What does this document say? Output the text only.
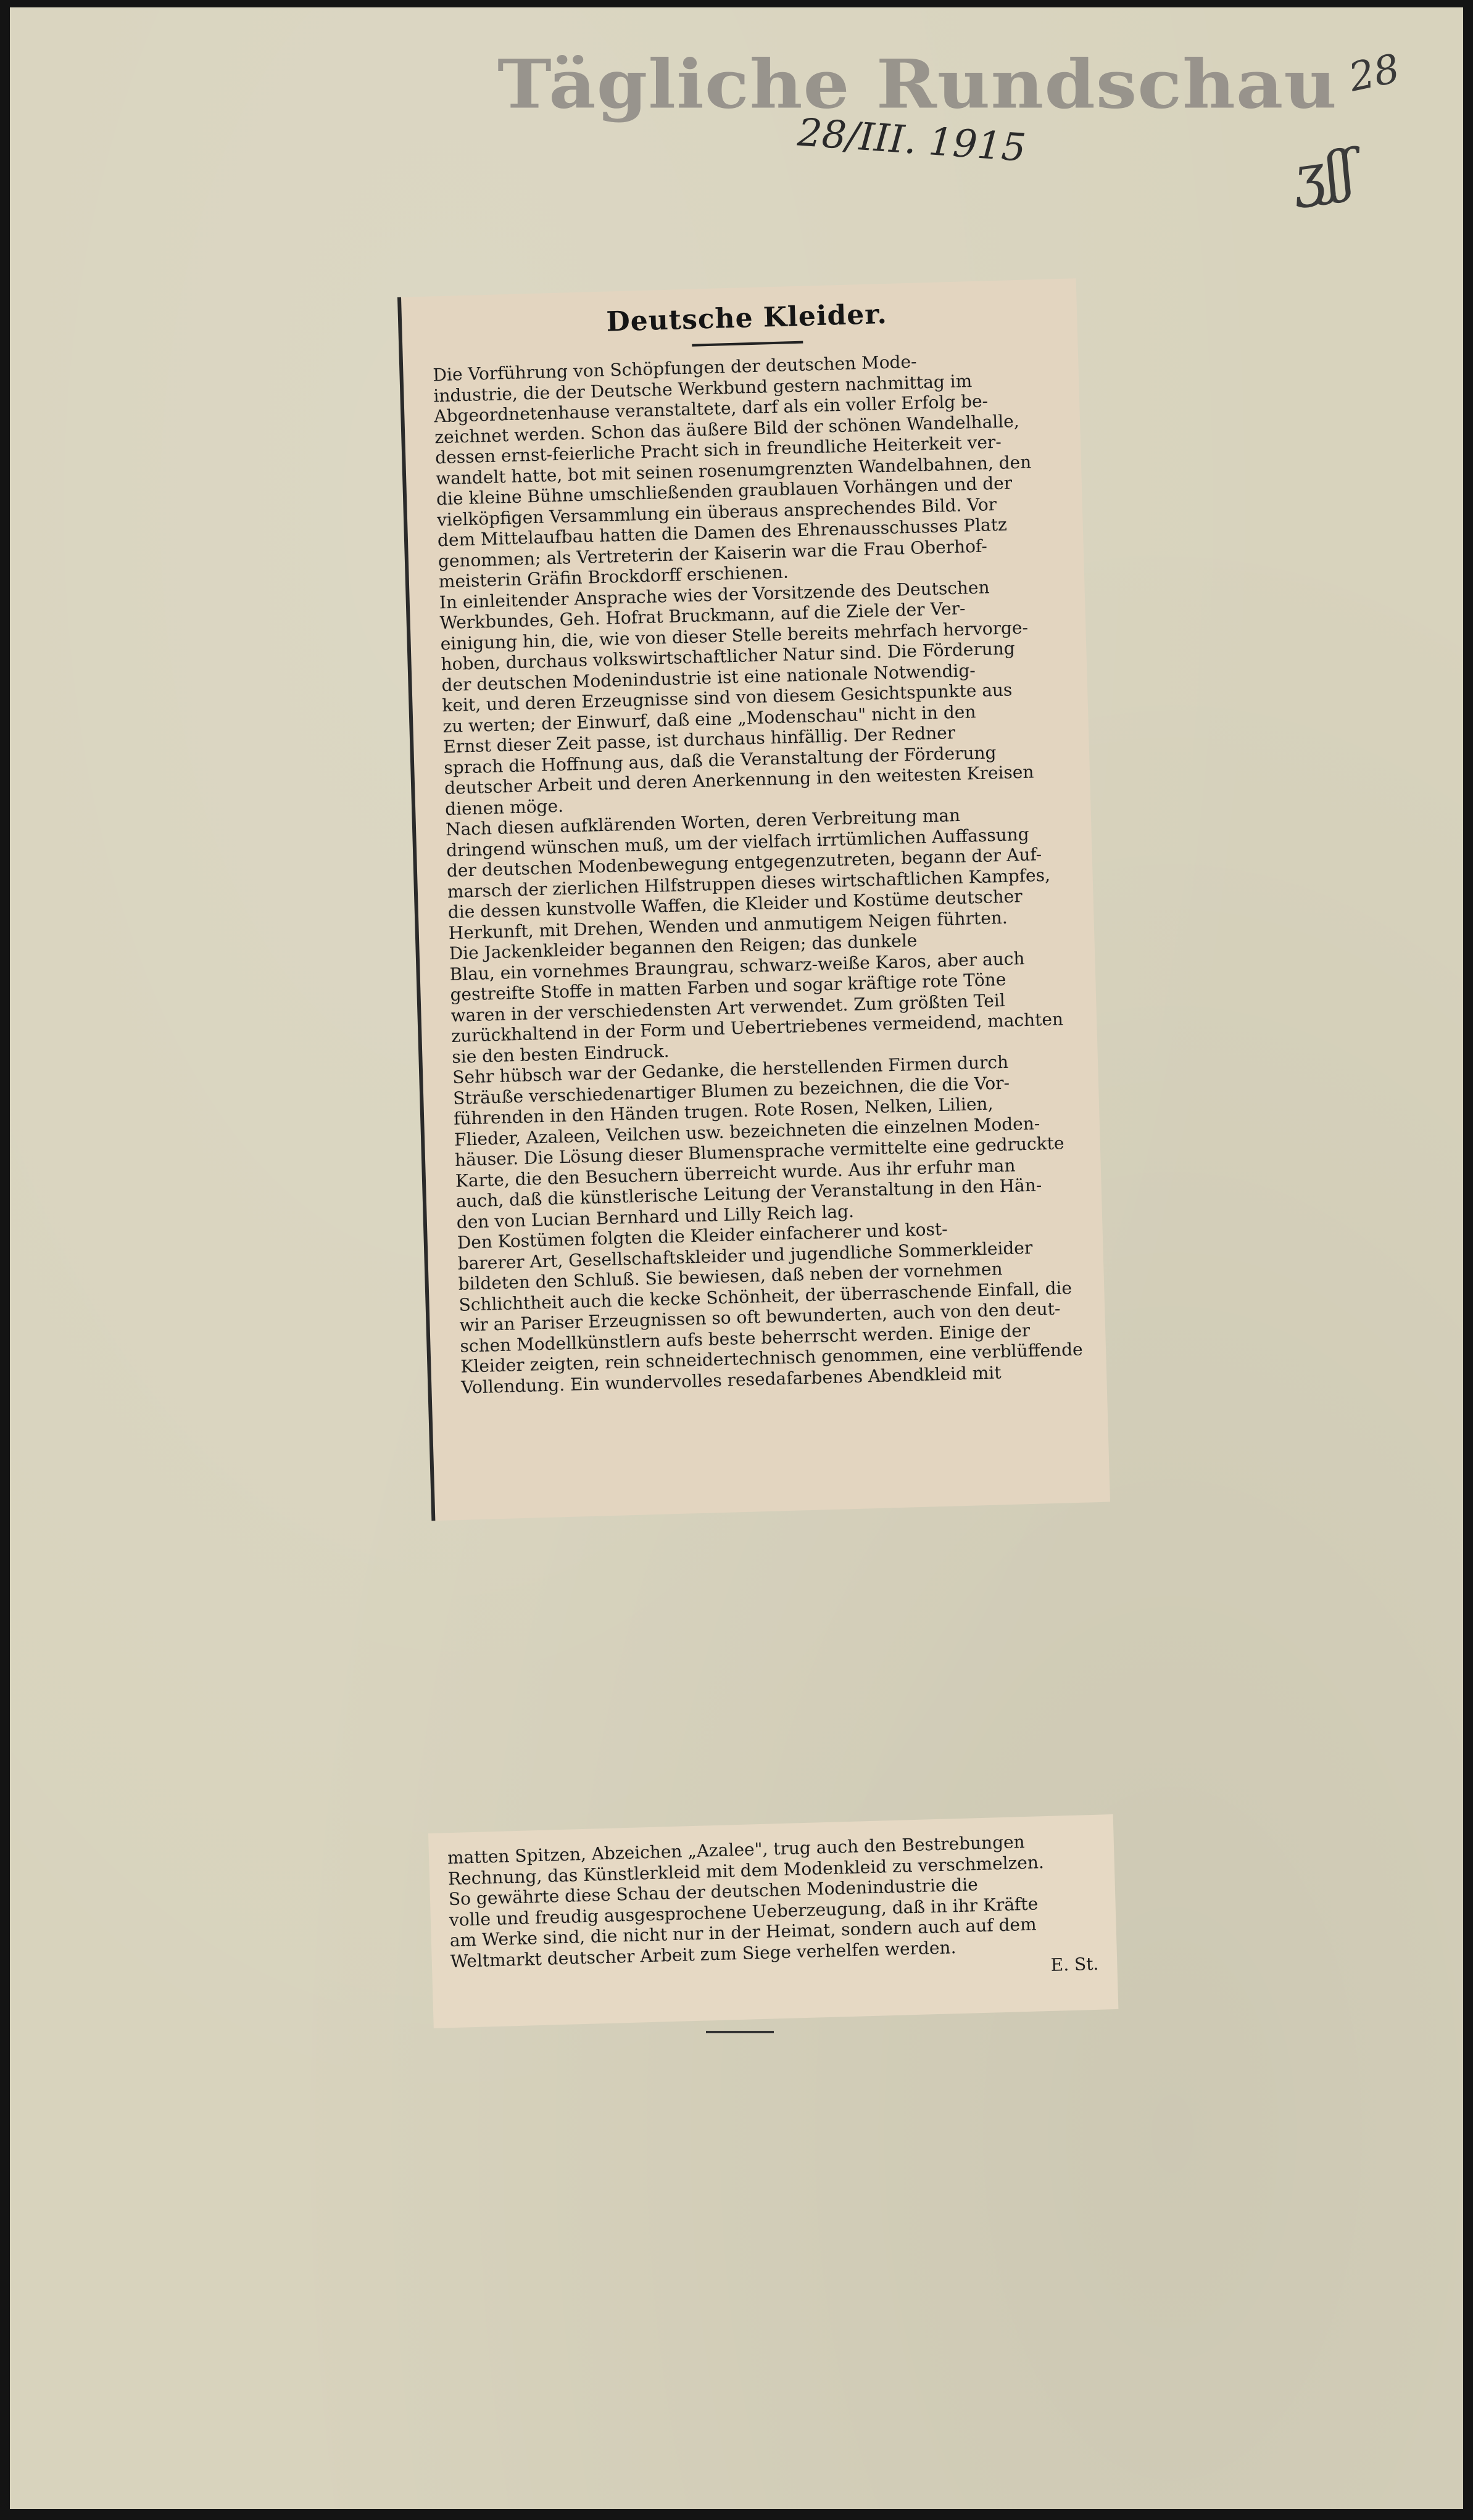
Tägliche Rundschau
28/III. 1915
28
ʒʃʃ
Deutsche Kleider.

Die Vorführung von Schöpfungen der deutschen Mode-
industrie, die der Deutsche Werkbund gestern nachmittag im
Abgeordnetenhause veranstaltete, darf als ein voller Erfolg be-
zeichnet werden. Schon das äußere Bild der schönen Wandelhalle,
dessen ernst-feierliche Pracht sich in freundliche Heiterkeit ver-
wandelt hatte, bot mit seinen rosenumgrenzten Wandelbahnen, den
die kleine Bühne umschließenden graublauen Vorhängen und der
vielköpfigen Versammlung ein überaus ansprechendes Bild. Vor
dem Mittelaufbau hatten die Damen des Ehrenausschusses Platz
genommen; als Vertreterin der Kaiserin war die Frau Oberhof-
meisterin Gräfin Brockdorff erschienen.
In einleitender Ansprache wies der Vorsitzende des Deutschen
Werkbundes, Geh. Hofrat Bruckmann, auf die Ziele der Ver-
einigung hin, die, wie von dieser Stelle bereits mehrfach hervorge-
hoben, durchaus volkswirtschaftlicher Natur sind. Die Förderung
der deutschen Modenindustrie ist eine nationale Notwendig-
keit, und deren Erzeugnisse sind von diesem Gesichtspunkte aus
zu werten; der Einwurf, daß eine „Modenschau" nicht in den
Ernst dieser Zeit passe, ist durchaus hinfällig. Der Redner
sprach die Hoffnung aus, daß die Veranstaltung der Förderung
deutscher Arbeit und deren Anerkennung in den weitesten Kreisen
dienen möge.
Nach diesen aufklärenden Worten, deren Verbreitung man
dringend wünschen muß, um der vielfach irrtümlichen Auffassung
der deutschen Modenbewegung entgegenzutreten, begann der Auf-
marsch der zierlichen Hilfstruppen dieses wirtschaftlichen Kampfes,
die dessen kunstvolle Waffen, die Kleider und Kostüme deutscher
Herkunft, mit Drehen, Wenden und anmutigem Neigen führten.
Die Jackenkleider begannen den Reigen; das dunkele
Blau, ein vornehmes Braungrau, schwarz-weiße Karos, aber auch
gestreifte Stoffe in matten Farben und sogar kräftige rote Töne
waren in der verschiedensten Art verwendet. Zum größten Teil
zurückhaltend in der Form und Uebertriebenes vermeidend, machten
sie den besten Eindruck.
Sehr hübsch war der Gedanke, die herstellenden Firmen durch
Sträuße verschiedenartiger Blumen zu bezeichnen, die die Vor-
führenden in den Händen trugen. Rote Rosen, Nelken, Lilien,
Flieder, Azaleen, Veilchen usw. bezeichneten die einzelnen Moden-
häuser. Die Lösung dieser Blumensprache vermittelte eine gedruckte
Karte, die den Besuchern überreicht wurde. Aus ihr erfuhr man
auch, daß die künstlerische Leitung der Veranstaltung in den Hän-
den von Lucian Bernhard und Lilly Reich lag.
Den Kostümen folgten die Kleider einfacherer und kost-
barerer Art, Gesellschaftskleider und jugendliche Sommerkleider
bildeten den Schluß. Sie bewiesen, daß neben der vornehmen
Schlichtheit auch die kecke Schönheit, der überraschende Einfall, die
wir an Pariser Erzeugnissen so oft bewunderten, auch von den deut-
schen Modellkünstlern aufs beste beherrscht werden. Einige der
Kleider zeigten, rein schneidertechnisch genommen, eine verblüffende
Vollendung. Ein wundervolles resedafarbenes Abendkleid mit

matten Spitzen, Abzeichen „Azalee", trug auch den Bestrebungen
Rechnung, das Künstlerkleid mit dem Modenkleid zu verschmelzen.
So gewährte diese Schau der deutschen Modenindustrie die
volle und freudig ausgesprochene Ueberzeugung, daß in ihr Kräfte
am Werke sind, die nicht nur in der Heimat, sondern auch auf dem
Weltmarkt deutscher Arbeit zum Siege verhelfen werden.	E. St.
